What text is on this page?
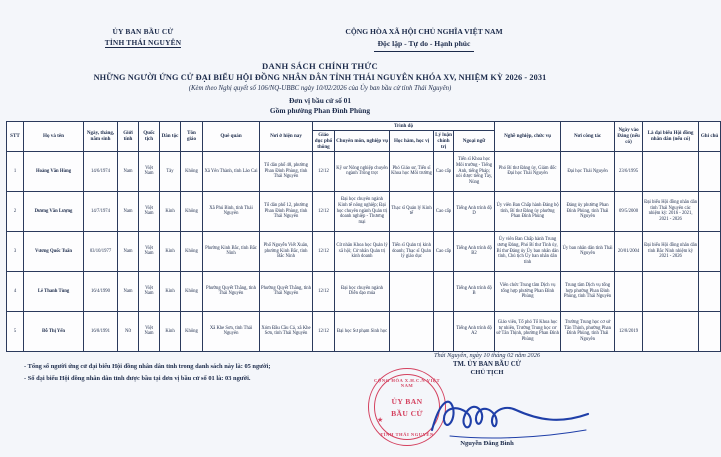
ỦY BAN BẦU CỬ
TỈNH THÁI NGUYÊN
CỘNG HÒA XÃ HỘI CHỦ NGHĨA VIỆT NAM
Độc lập - Tự do - Hạnh phúc
DANH SÁCH CHÍNH THỨC
NHỮNG NGƯỜI ỨNG CỬ ĐẠI BIỂU HỘI ĐỒNG NHÂN DÂN TỈNH THÁI NGUYÊN KHÓA XV, NHIỆM KỲ 2026 - 2031
(Kèm theo Nghị quyết số 106/NQ-UBBC ngày 10/02/2026 của Ủy ban bầu cử tỉnh Thái Nguyên)
Đơn vị bầu cử số 01
Gồm phường Phan Đình Phùng
STT	Họ và tên	Ngày, tháng, năm sinh	Giới tính	Quốc tịch	Dân tộc	Tôn giáo	Quê quán	Nơi ở hiện nay	Trình độ					Nghề nghiệp, chức vụ	Nơi công tác	Ngày vào Đảng (nếu có)	Là đại biểu Hội đồng nhân dân (nếu có)	Ghi chú
									Giáo dục phổ thông	Chuyên môn, nghiệp vụ	Học hàm, học vị	Lý luận chính trị	Ngoại ngữ					
1	Hoàng Văn Hùng	14/6/1974	Nam	Việt Nam	Tày	Không	Xã Yên Thành, tỉnh Lào Cai	Tổ dân phố 48, phường Phan Đình Phùng, tỉnh Thái Nguyên	12/12	Kỹ sư Nông nghiệp chuyên ngành Trồng trọt	Phó Giáo sư, Tiến sĩ Khoa học Môi trường	Cao cấp	Tiến sĩ Khoa học Môi trường - Tiếng Anh, tiếng Pháp; nói được tiếng Tày, Nùng	Phó Bí thư Đảng ủy, Giám đốc Đại học Thái Nguyên	Đại học Thái Nguyên	23/6/1995		
2	Dương Văn Lượng	14/7/1974	Nam	Việt Nam	Kinh	Không	Xã Phú Bình, tỉnh Thái Nguyên	Tổ dân phố 12, phường Phan Đình Phùng, tỉnh Thái Nguyên	12/12	Đại học chuyên ngành Kinh tế nông nghiệp; Đại học chuyên ngành Quản trị doanh nghiệp - Thương mại	Thạc sĩ Quản lý Kinh tế	Cao cấp	Tiếng Anh trình độ D	Ủy viên Ban Chấp hành Đảng bộ tỉnh, Bí thư Đảng ủy phường Phan Đình Phùng	Đảng ủy phường Phan Đình Phùng, tỉnh Thái Nguyên	09/5/2000	Đại biểu Hội đồng nhân dân tỉnh Thái Nguyên các nhiệm kỳ: 2016 - 2021, 2021 - 2026	
3	Vương Quốc Tuấn	03/10/1977	Nam	Việt Nam	Kinh	Không	Phường Kinh Bắc, tỉnh Bắc Ninh	Phố Nguyễn Viết Xuân, phường Kinh Bắc, tỉnh Bắc Ninh	12/12	Cử nhân Khoa học Quản lý xã hội; Cử nhân Quản trị kinh doanh	Tiến sĩ Quản trị kinh doanh; Thạc sĩ Quản lý giáo dục	Cao cấp	Tiếng Anh trình độ B2	Ủy viên Ban Chấp hành Trung ương Đảng, Phó Bí thư Tỉnh ủy, Bí thư Đảng ủy Ủy ban nhân dân tỉnh, Chủ tịch Ủy ban nhân dân tỉnh	Ủy ban nhân dân tỉnh Thái Nguyên	20/01/2004	Đại biểu Hội đồng nhân dân tỉnh Bắc Ninh nhiệm kỳ 2021 - 2026	
4	Lê Thanh Tùng	16/4/1990	Nam	Việt Nam	Kinh	Không	Phường Quyết Thắng, tỉnh Thái Nguyên	Phường Quyết Thắng, tỉnh Thái Nguyên	12/12	Đại học chuyên ngành Diễn đạo múa			Tiếng Anh trình độ B	Viên chức Trung tâm Dịch vụ tổng hợp phường Phan Đình Phùng	Trung tâm Dịch vụ tổng hợp phường Phan Đình Phùng, tỉnh Thái Nguyên			
5	Đỗ Thị Yến	16/8/1991	Nữ	Việt Nam	Kinh	Không	Xã Khe Sơn, tỉnh Thái Nguyên	Xóm Đầu Cầu Cá, xã Khe Sơn, tỉnh Thái Nguyên	12/12	Đại học Sư phạm Sinh học			Tiếng Anh trình độ A2	Giáo viên, Tổ phó Tổ Khoa học tự nhiên, Trường Trung học cơ sở Tân Thịnh, phường Phan Đình Phùng	Trường Trung học cơ sở Tân Thịnh, phường Phan Đình Phùng, tỉnh Thái Nguyên	12/8/2019		
- Tổng số người ứng cử đại biểu Hội đồng nhân dân tỉnh trong danh sách này là: 05 người;
- Số đại biểu Hội đồng nhân dân tỉnh được bầu tại đơn vị bầu cử số 01 là: 03 người.
Thái Nguyên, ngày 10 tháng 02 năm 2026
TM. ỦY BAN BẦU CỬ
CHỦ TỊCH
CỘNG HÒA X.H.C.N VIỆT NAM
ỦY BAN
BẦU CỬ
★
TỈNH THÁI NGUYÊN
Nguyễn Đăng Bình
